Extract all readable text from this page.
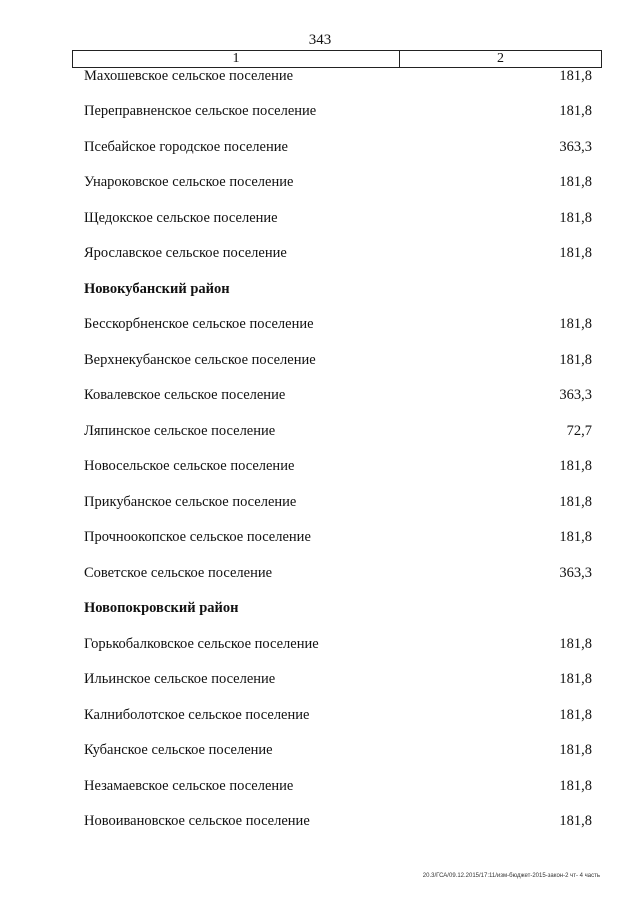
343
1	2
Махошевское сельское поселение	181,8
Переправненское сельское поселение	181,8
Псебайское городское поселение	363,3
Унароковское сельское поселение	181,8
Щедокское сельское поселение	181,8
Ярославское сельское поселение	181,8
Новокубанский район
Бесскорбненское сельское поселение	181,8
Верхнекубанское сельское поселение	181,8
Ковалевское сельское поселение	363,3
Ляпинское сельское поселение	72,7
Новосельское сельское поселение	181,8
Прикубанское сельское поселение	181,8
Прочноокопское сельское поселение	181,8
Советское сельское поселение	363,3
Новопокровский район
Горькобалковское сельское поселение	181,8
Ильинское сельское поселение	181,8
Калниболотское сельское поселение	181,8
Кубанское сельское поселение	181,8
Незамаевское сельское поселение	181,8
Новоивановское сельское поселение	181,8
20.3/ГСА/09.12.2015/17:11/изм-бюджет-2015-закон-2 чт- 4 часть
